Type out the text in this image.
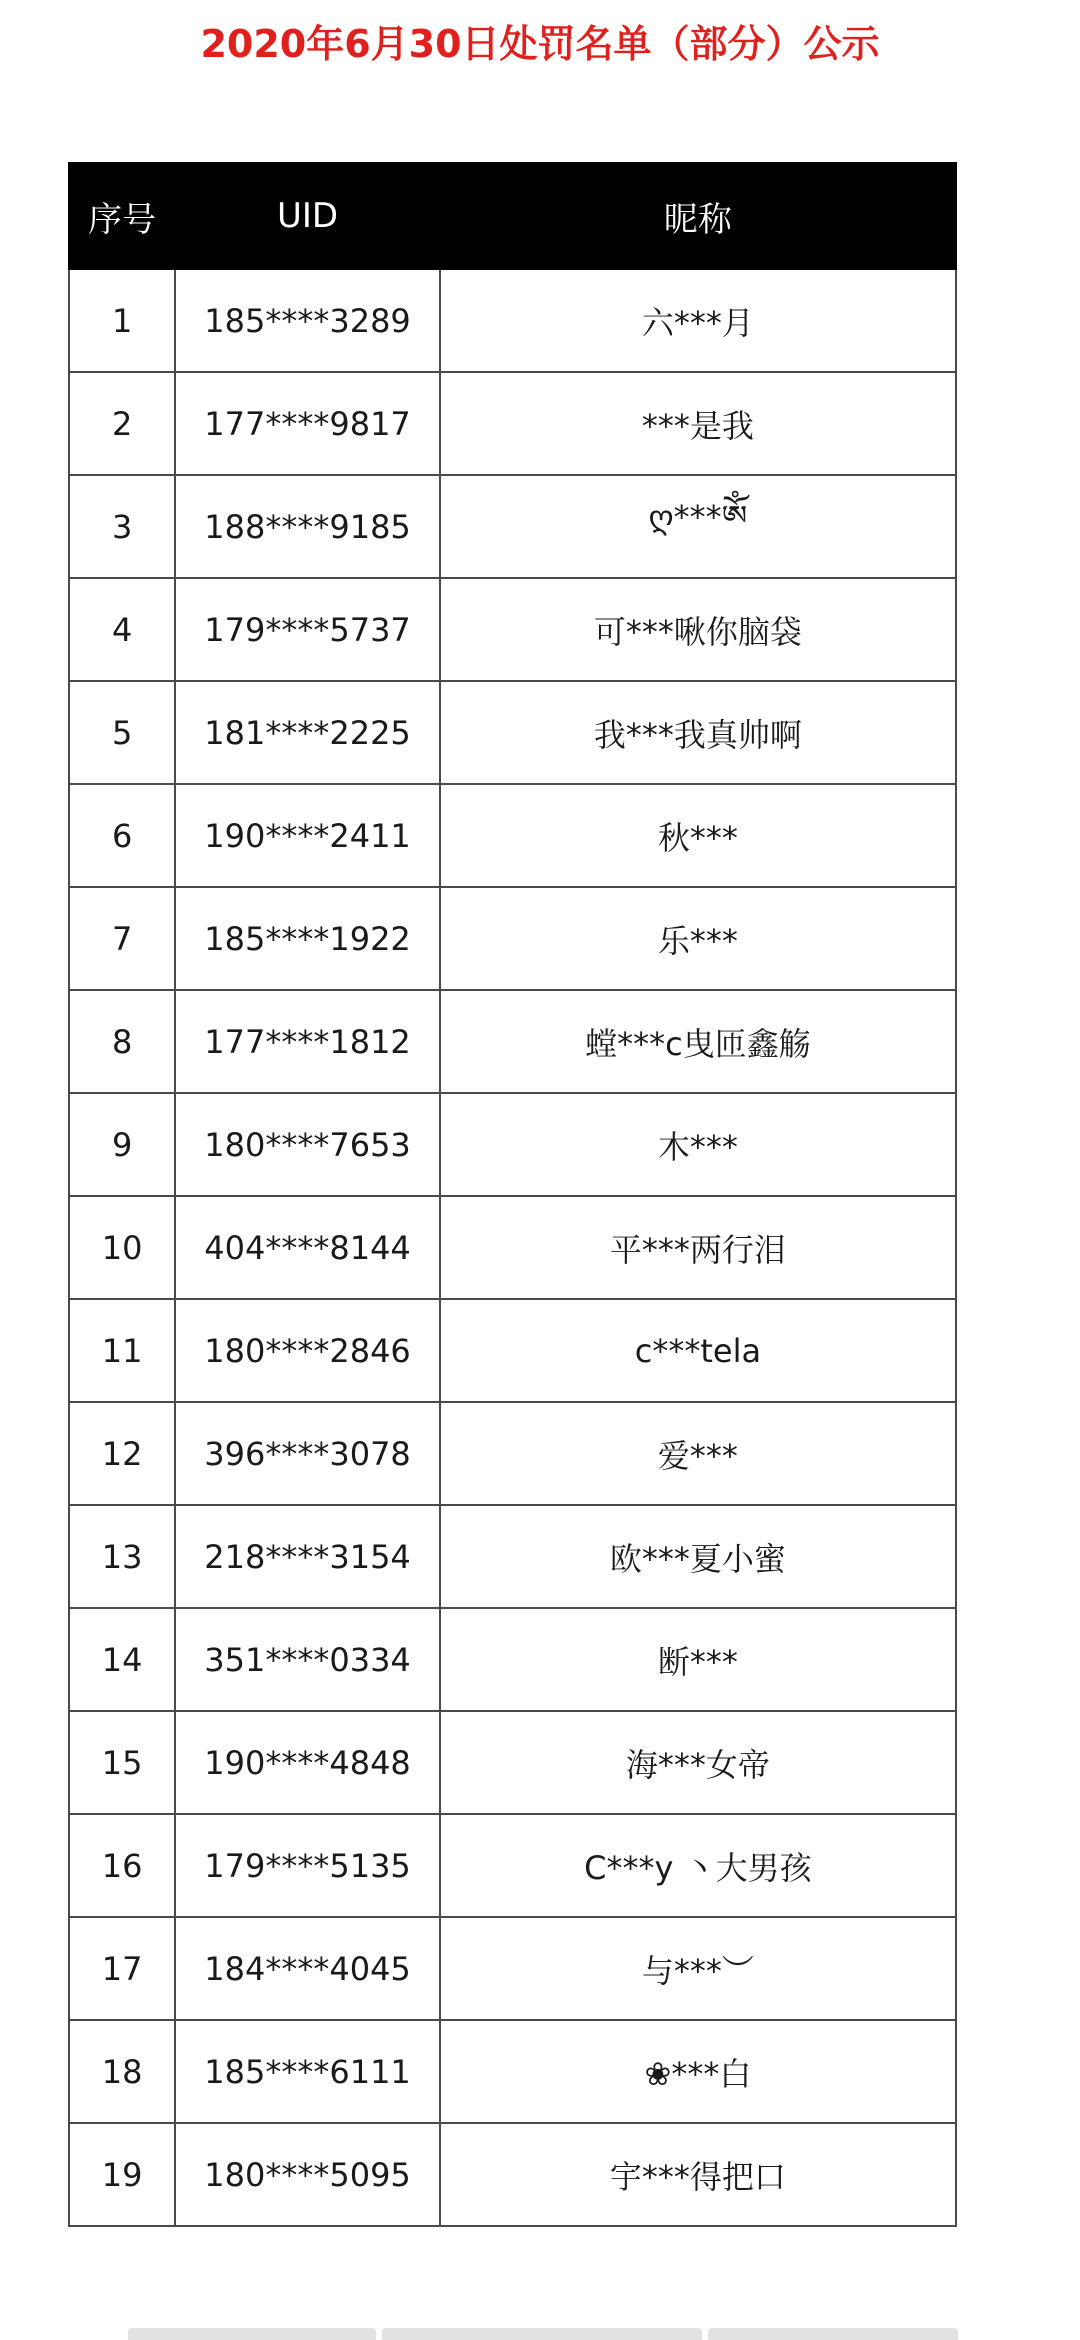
2020年6月30日处罚名单（部分）公示
序号	UID	昵称
1	185****3289	六***月
2	177****9817	***是我
3	188****9185	ღ***ༀ
4	179****5737	可***啾你脑袋
5	181****2225	我***我真帅啊
6	190****2411	秋***
7	185****1922	乐***
8	177****1812	螳***c曳匝鑫觞
9	180****7653	木***
10	404****8144	平***两行泪
11	180****2846	c***tela
12	396****3078	爱***
13	218****3154	欧***夏小蜜
14	351****0334	断***
15	190****4848	海***女帝
16	179****5135	C***y 丶大男孩
17	184****4045	与***︶
18	185****6111	❀***白
19	180****5095	宇***得把口
